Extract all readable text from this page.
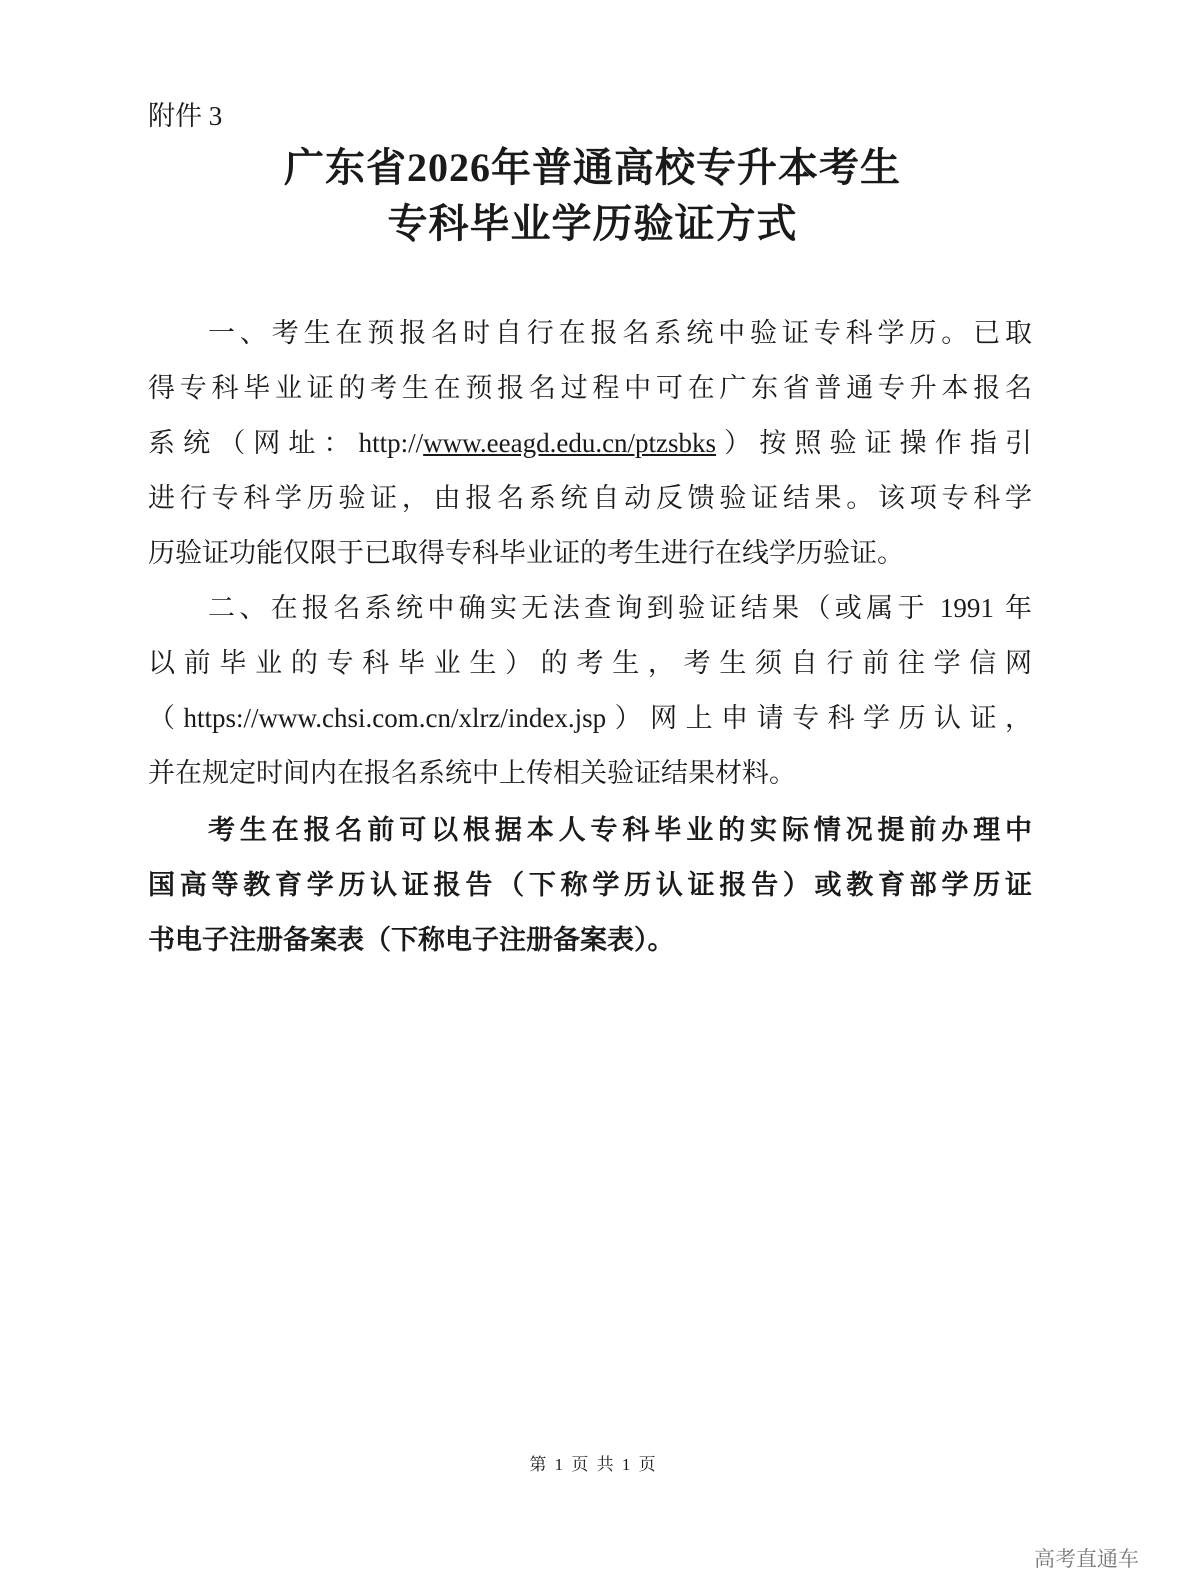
附件 3
广东省2026年普通高校专升本考生
专科毕业学历验证方式
一、考生在预报名时自行在报名系统中验证专科学历。已取
得专科毕业证的考生在预报名过程中可在广东省普通专升本报名
系统（网址：http://www.eeagd.edu.cn/ptzsbks）按照验证操作指引
进行专科学历验证，由报名系统自动反馈验证结果。该项专科学
历验证功能仅限于已取得专科毕业证的考生进行在线学历验证。
二、在报名系统中确实无法查询到验证结果（或属于 1991 年
以前毕业的专科毕业生）的考生，考生须自行前往学信网
（https://www.chsi.com.cn/xlrz/index.jsp）网上申请专科学历认证，
并在规定时间内在报名系统中上传相关验证结果材料。
考生在报名前可以根据本人专科毕业的实际情况提前办理中
国高等教育学历认证报告（下称学历认证报告）或教育部学历证
书电子注册备案表（下称电子注册备案表）。
第 1 页 共 1 页
高考直通车
